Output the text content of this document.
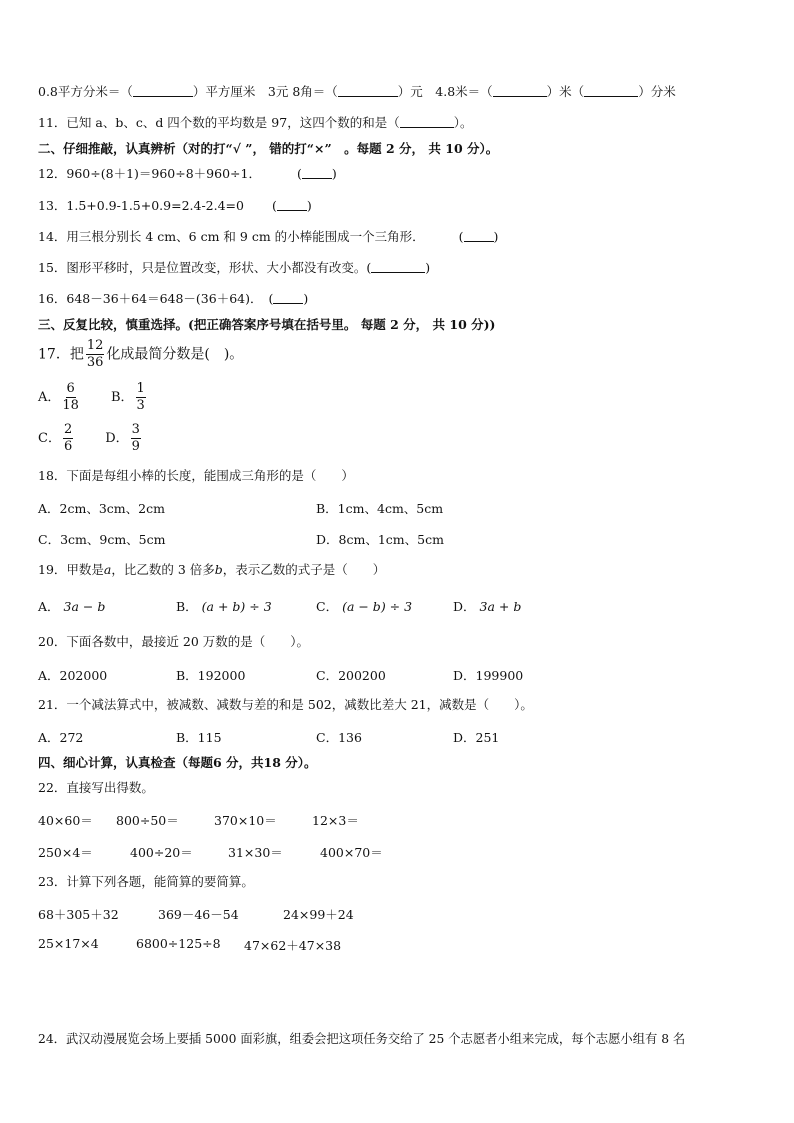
0.8平方分米＝（	）平方厘米　3元 8角＝（	）元　4.8米＝（	）米（	）分米
11．已知 a、b、c、d 四个数的平均数是 97，这四个数的和是（	）。
二、仔细推敲，认真辨析（对的打“√ ”， 错的打“×”　。每题 2 分， 共 10 分）。
12．960÷(8＋1)＝960÷8＋960÷1．	( )
13．1.5+0.9-1.5+0.9=2.4-2.4=0 ( )
14．用三根分别长 4 cm、6 cm 和 9 cm 的小棒能围成一个三角形．	( )
15．图形平移时，只是位置改变，形状、大小都没有改变。(	)
16．648－36＋64＝648－(36＋64)． ( )
三、反复比较，慎重选择。(把正确答案序号填在括号里。 每题 2 分， 共 10 分))
17．把 $\frac{12}{36}$ 化成最简分数是(　)。
A． $\frac{6}{18}$ B． $\frac{1}{3}$
C． $\frac{2}{6}$ D． $\frac{3}{9}$
18．下面是每组小棒的长度，能围成三角形的是（　　）
A．2cm、3cm、2cm	B．1cm、4cm、5cm
C．3cm、9cm、5cm	D．8cm、1cm、5cm
19．甲数是a，比乙数的 3 倍多b，表示乙数的式子是（　　）
A． 3a − b	B． (a + b) ÷ 3	C． (a − b) ÷ 3	D． 3a + b
20．下面各数中，最接近 20 万数的是（　　）。
A．202000	B．192000	C．200200	D．199900
21．一个减法算式中，被减数、减数与差的和是 502，减数比差大 21，减数是（　　）。
A．272	B．115	C．136	D．251
四、细心计算，认真检查（每题6 分，共18 分）。
22．直接写出得数。
40×60＝ 800÷50＝	370×10＝	12×3＝
250×4＝	400÷20＝	31×30＝	400×70＝
23．计算下列各题，能简算的要简算。
68＋305＋32	369－46－54	24×99＋24
25×17×4	6800÷125÷8 47×62＋47×38
24．武汉动漫展览会场上要插 5000 面彩旗，组委会把这项任务交给了 25 个志愿者小组来完成，每个志愿小组有 8 名
